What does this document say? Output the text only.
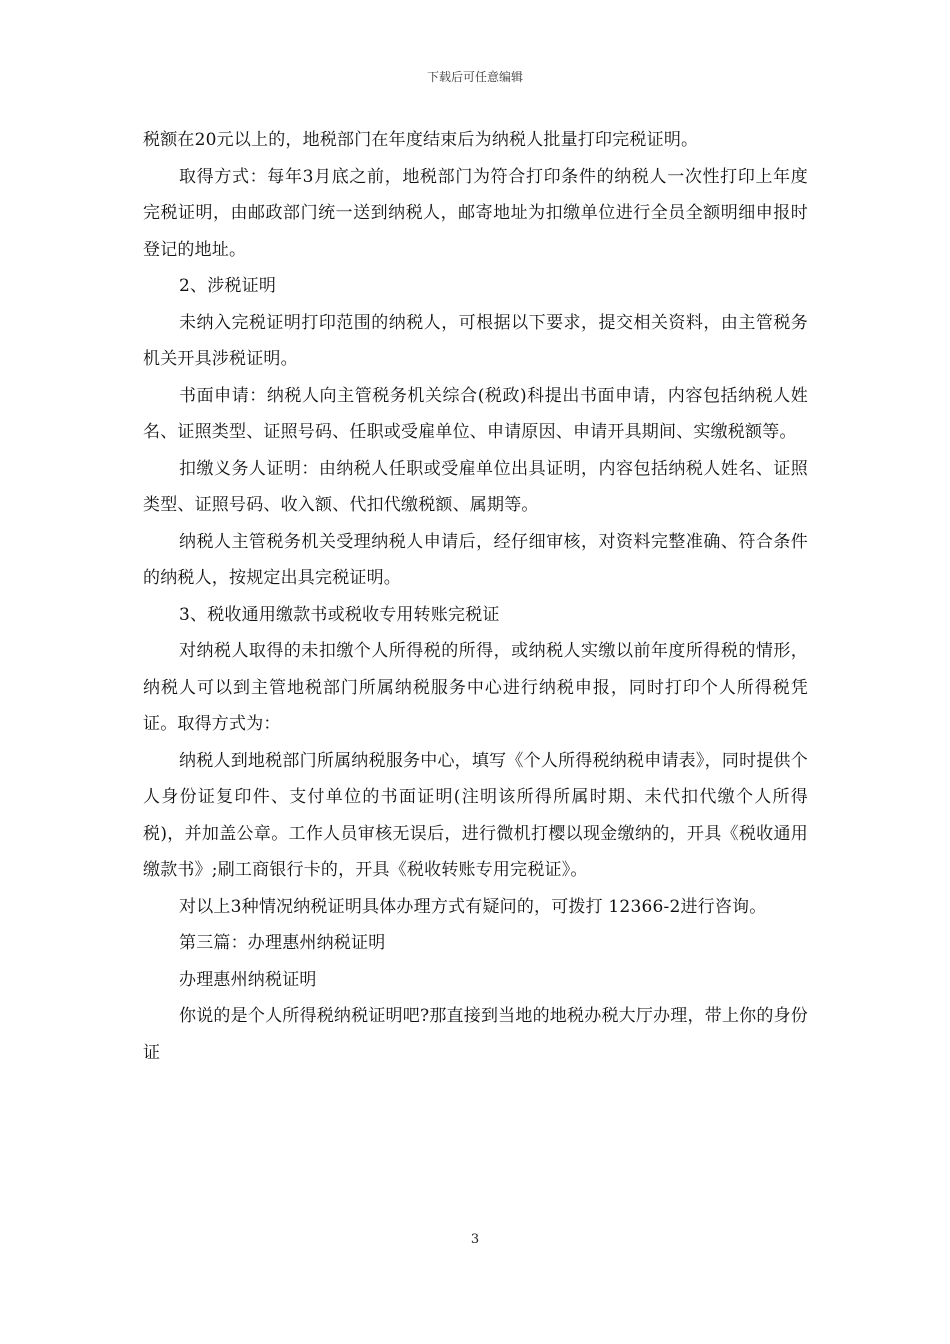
下载后可任意编辑

税额在20元以上的，地税部门在年度结束后为纳税人批量打印完税证明。

取得方式：每年3月底之前，地税部门为符合打印条件的纳税人一次性打印上年度完税证明，由邮政部门统一送到纳税人，邮寄地址为扣缴单位进行全员全额明细申报时登记的地址。

2、涉税证明

未纳入完税证明打印范围的纳税人，可根据以下要求，提交相关资料，由主管税务机关开具涉税证明。

书面申请：纳税人向主管税务机关综合(税政)科提出书面申请，内容包括纳税人姓名、证照类型、证照号码、任职或受雇单位、申请原因、申请开具期间、实缴税额等。

扣缴义务人证明：由纳税人任职或受雇单位出具证明，内容包括纳税人姓名、证照类型、证照号码、收入额、代扣代缴税额、属期等。

纳税人主管税务机关受理纳税人申请后，经仔细审核，对资料完整准确、符合条件的纳税人，按规定出具完税证明。

3、税收通用缴款书或税收专用转账完税证

对纳税人取得的未扣缴个人所得税的所得，或纳税人实缴以前年度所得税的情形，纳税人可以到主管地税部门所属纳税服务中心进行纳税申报，同时打印个人所得税凭证。取得方式为：

纳税人到地税部门所属纳税服务中心，填写《个人所得税纳税申请表》，同时提供个人身份证复印件、支付单位的书面证明(注明该所得所属时期、未代扣代缴个人所得税)，并加盖公章。工作人员审核无误后，进行微机打樱以现金缴纳的，开具《税收通用缴款书》;刷工商银行卡的，开具《税收转账专用完税证》。

对以上3种情况纳税证明具体办理方式有疑问的，可拨打 12366-2进行咨询。

第三篇：办理惠州纳税证明

办理惠州纳税证明

你说的是个人所得税纳税证明吧?那直接到当地的地税办税大厅办理，带上你的身份证

3
